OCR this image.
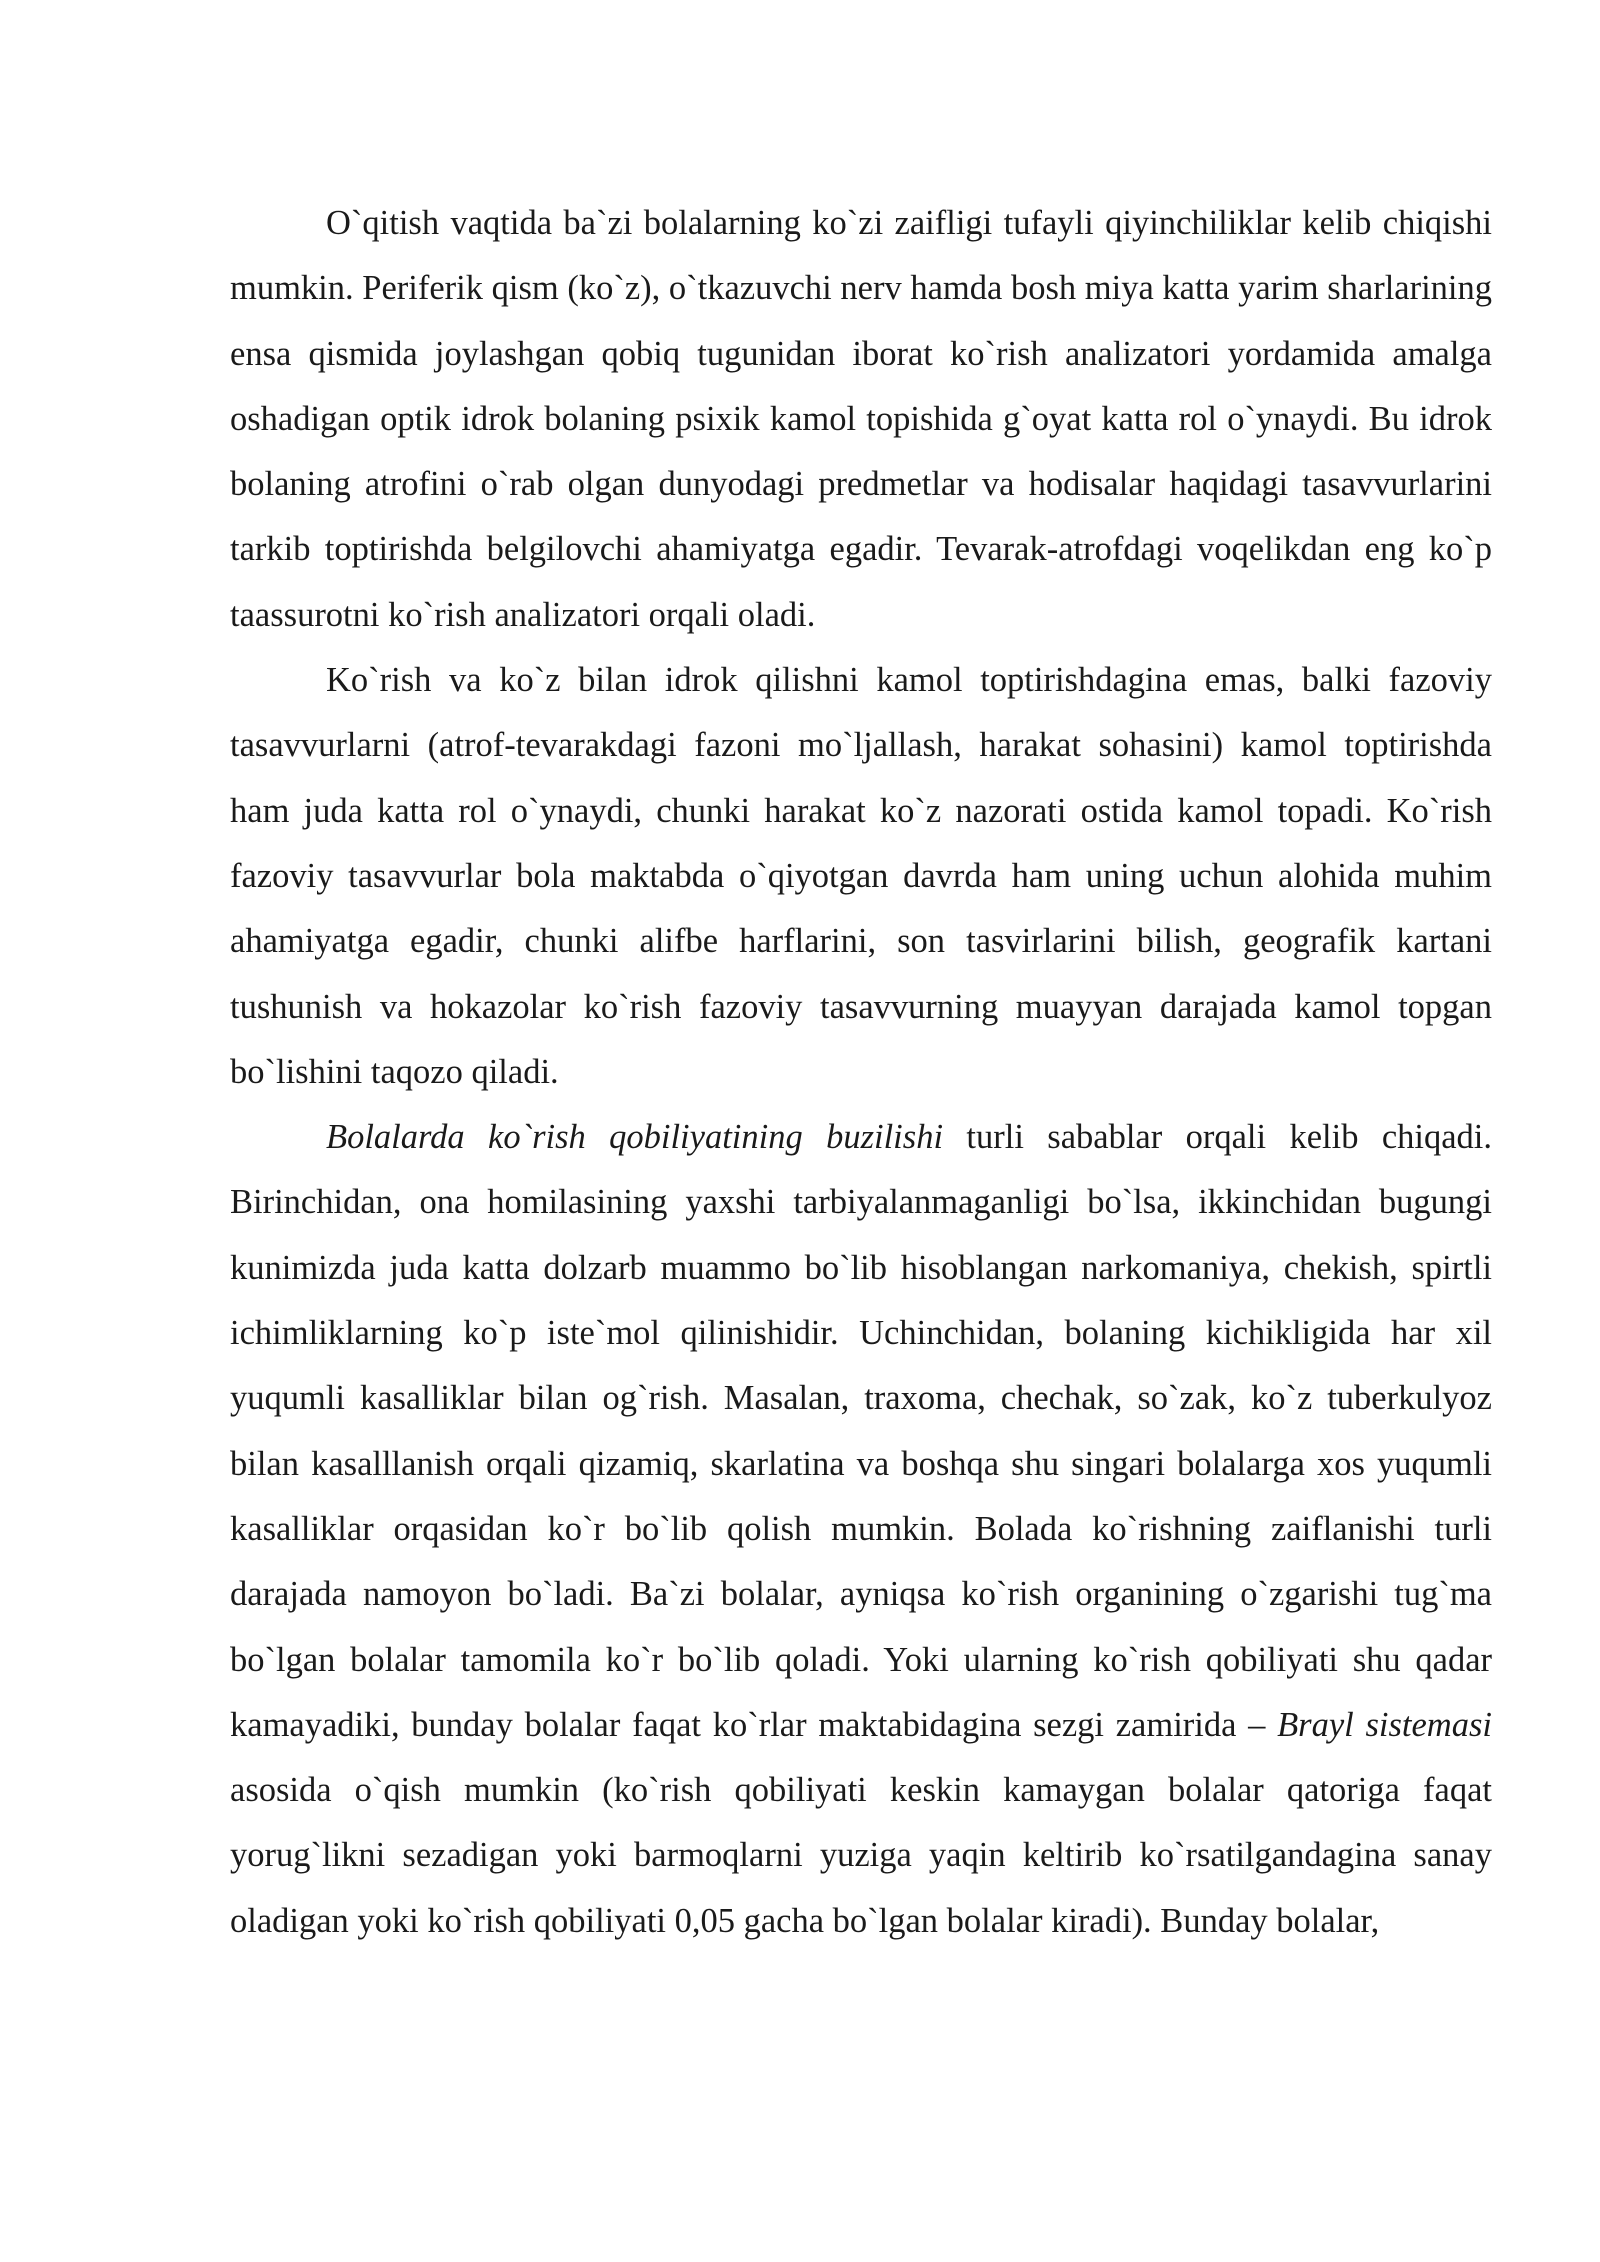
O`qitish vaqtida ba`zi bolalarning ko`zi zaifligi tufayli qiyinchiliklar kelib chiqishi mumkin. Periferik qism (ko`z), o`tkazuvchi nerv hamda bosh miya katta yarim sharlarining ensa qismida joylashgan qobiq tugunidan iborat ko`rish analizatori yordamida amalga oshadigan optik idrok bolaning psixik kamol topishida g`oyat katta rol o`ynaydi. Bu idrok bolaning atrofini o`rab olgan dunyodagi predmetlar va hodisalar haqidagi tasavvurlarini tarkib toptirishda belgilovchi ahamiyatga egadir. Tevarak-atrofdagi voqelikdan eng ko`p taassurotni ko`rish analizatori orqali oladi.

Ko`rish va ko`z bilan idrok qilishni kamol toptirishdagina emas, balki fazoviy tasavvurlarni (atrof-tevarakdagi fazoni mo`ljallash, harakat sohasini) kamol toptirishda ham juda katta rol o`ynaydi, chunki harakat ko`z nazorati ostida kamol topadi. Ko`rish fazoviy tasavvurlar bola maktabda o`qiyotgan davrda ham uning uchun alohida muhim ahamiyatga egadir, chunki alifbe harflarini, son tasvirlarini bilish, geografik kartani tushunish va hokazolar ko`rish fazoviy tasavvurning muayyan darajada kamol topgan bo`lishini taqozo qiladi.

Bolalarda ko`rish qobiliyatining buzilishi turli sabablar orqali kelib chiqadi. Birinchidan, ona homilasining yaxshi tarbiyalanmaganligi bo`lsa, ikkinchidan bugungi kunimizda juda katta dolzarb muammo bo`lib hisoblangan narkomaniya, chekish, spirtli ichimliklarning ko`p iste`mol qilinishidir. Uchinchidan, bolaning kichikligida har xil yuqumli kasalliklar bilan og`rish. Masalan, traxoma, chechak, so`zak, ko`z tuberkulyoz bilan kasalllanish orqali qizamiq, skarlatina va boshqa shu singari bolalarga xos yuqumli kasalliklar orqasidan ko`r bo`lib qolish mumkin. Bolada ko`rishning zaiflanishi turli darajada namoyon bo`ladi. Ba`zi bolalar, ayniqsa ko`rish organining o`zgarishi tug`ma bo`lgan bolalar tamomila ko`r bo`lib qoladi. Yoki ularning ko`rish qobiliyati shu qadar kamayadiki, bunday bolalar faqat ko`rlar maktabidagina sezgi zamirida – Brayl sistemasi asosida o`qish mumkin (ko`rish qobiliyati keskin kamaygan bolalar qatoriga faqat yorug`likni sezadigan yoki barmoqlarni yuziga yaqin keltirib ko`rsatilgandagina sanay oladigan yoki ko`rish qobiliyati 0,05 gacha bo`lgan bolalar kiradi). Bunday bolalar,
